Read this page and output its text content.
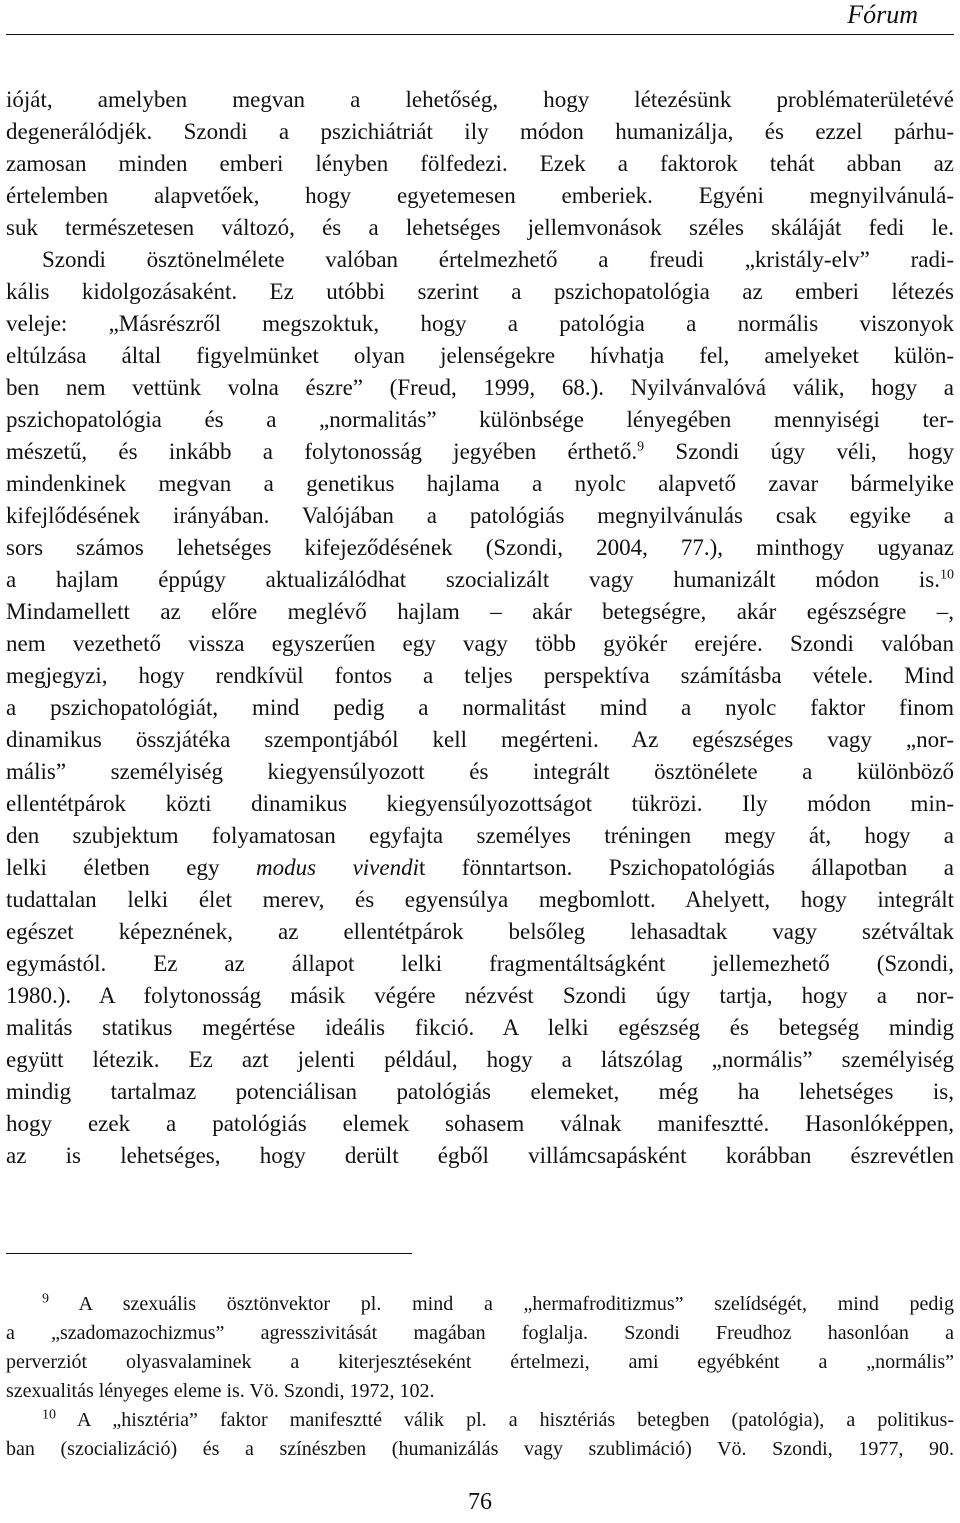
Fórum
ióját, amelyben megvan a lehetőség, hogy létezésünk problématerületévé
degenerálódjék. Szondi a pszichiátriát ily módon humanizálja, és ezzel párhu-
zamosan minden emberi lényben fölfedezi. Ezek a faktorok tehát abban az
értelemben alapvetőek, hogy egyetemesen emberiek. Egyéni megnyilvánulá-
suk természetesen változó, és a lehetséges jellemvonások széles skáláját fedi le.
Szondi ösztönelmélete valóban értelmezhető a freudi „kristály-elv” radi-
kális kidolgozásaként. Ez utóbbi szerint a pszichopatológia az emberi létezés
veleje: „Másrészről megszoktuk, hogy a patológia a normális viszonyok
eltúlzása által figyelmünket olyan jelenségekre hívhatja fel, amelyeket külön-
ben nem vettünk volna észre” (Freud, 1999, 68.). Nyilvánvalóvá válik, hogy a
pszichopatológia és a „normalitás” különbsége lényegében mennyiségi ter-
mészetű, és inkább a folytonosság jegyében érthető.$^9$ Szondi úgy véli, hogy
mindenkinek megvan a genetikus hajlama a nyolc alapvető zavar bármelyike
kifejlődésének irányában. Valójában a patológiás megnyilvánulás csak egyike a
sors számos lehetséges kifejeződésének (Szondi, 2004, 77.), minthogy ugyanaz
a hajlam éppúgy aktualizálódhat szocializált vagy humanizált módon is.$^{10}$
Mindamellett az előre meglévő hajlam – akár betegségre, akár egészségre –,
nem vezethető vissza egyszerűen egy vagy több gyökér erejére. Szondi valóban
megjegyzi, hogy rendkívül fontos a teljes perspektíva számításba vétele. Mind
a pszichopatológiát, mind pedig a normalitást mind a nyolc faktor finom
dinamikus összjátéka szempontjából kell megérteni. Az egészséges vagy „nor-
mális” személyiség kiegyensúlyozott és integrált ösztönélete a különböző
ellentétpárok közti dinamikus kiegyensúlyozottságot tükrözi. Ily módon min-
den szubjektum folyamatosan egyfajta személyes tréningen megy át, hogy a
lelki életben egy modus vivendit fönntartson. Pszichopatológiás állapotban a
tudattalan lelki élet merev, és egyensúlya megbomlott. Ahelyett, hogy integrált
egészet képeznének, az ellentétpárok belsőleg lehasadtak vagy szétváltak
egymástól. Ez az állapot lelki fragmentáltságként jellemezhető (Szondi,
1980.). A folytonosság másik végére nézvést Szondi úgy tartja, hogy a nor-
malitás statikus megértése ideális fikció. A lelki egészség és betegség mindig
együtt létezik. Ez azt jelenti például, hogy a látszólag „normális” személyiség
mindig tartalmaz potenciálisan patológiás elemeket, még ha lehetséges is,
hogy ezek a patológiás elemek sohasem válnak manifesztté. Hasonlóképpen,
az is lehetséges, hogy derült égből villámcsapásként korábban észrevétlen
$^9$ A szexuális ösztönvektor pl. mind a „hermafroditizmus” szelídségét, mind pedig
a „szadomazochizmus” agresszivitását magában foglalja. Szondi Freudhoz hasonlóan a
perverziót olyasvalaminek a kiterjesztéseként értelmezi, ami egyébként a „normális”
szexualitás lényeges eleme is. Vö. Szondi, 1972, 102.
$^{10}$ A „hisztéria” faktor manifesztté válik pl. a hisztériás betegben (patológia), a politikus-
ban (szocializáció) és a színészben (humanizálás vagy szublimáció) Vö. Szondi, 1977, 90.
76
